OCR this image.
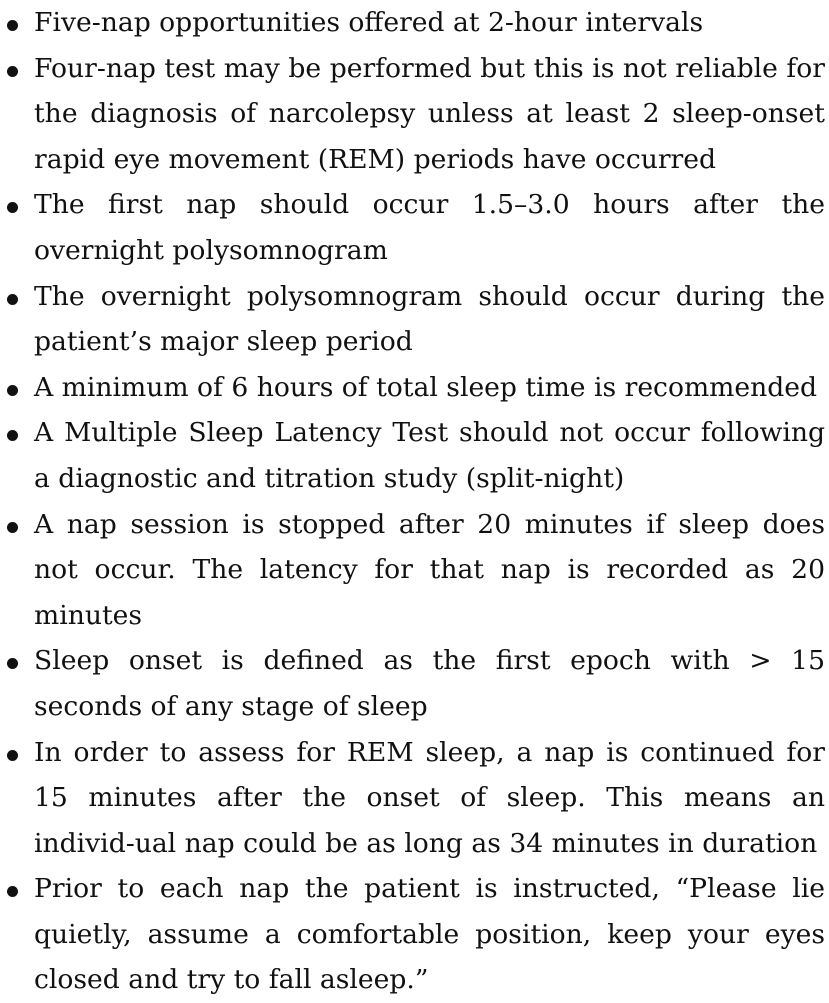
Five-nap opportunities offered at 2-hour intervals
Four-nap test may be performed but this is not reliable for the diagnosis of narcolepsy unless at least 2 sleep-onset rapid eye movement (REM) periods have occurred
The first nap should occur 1.5–3.0 hours after the overnight polysomnogram
The overnight polysomnogram should occur during the patient’s major sleep period
A minimum of 6 hours of total sleep time is recommended
A Multiple Sleep Latency Test should not occur following a diagnostic and titration study (split-night)
A nap session is stopped after 20 minutes if sleep does not occur. The latency for that nap is recorded as 20 minutes
Sleep onset is defined as the first epoch with > 15 seconds of any stage of sleep
In order to assess for REM sleep, a nap is continued for 15 minutes after the onset of sleep. This means an individ-ual nap could be as long as 34 minutes in duration
Prior to each nap the patient is instructed, “Please lie quietly, assume a comfortable position, keep your eyes closed and try to fall asleep.”
